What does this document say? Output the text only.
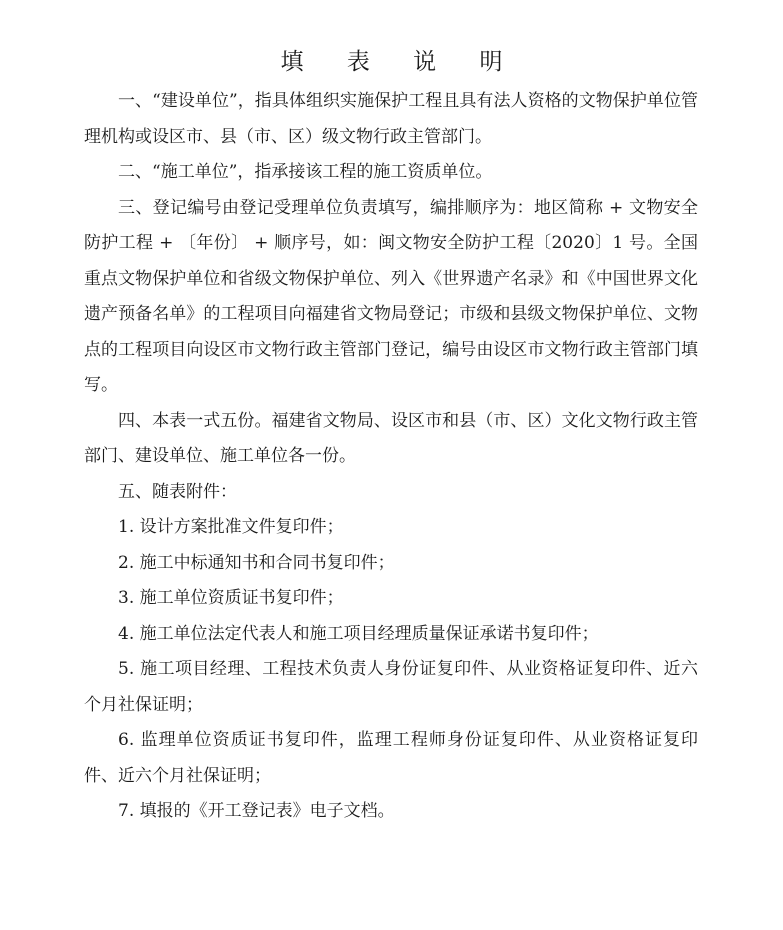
填 表 说 明

一、“建设单位”，指具体组织实施保护工程且具有法人资格的文物保护单位管理机构或设区市、县（市、区）级文物行政主管部门。

二、“施工单位”，指承接该工程的施工资质单位。

三、登记编号由登记受理单位负责填写，编排顺序为：地区简称 + 文物安全防护工程 + 〔年份〕 + 顺序号，如：闽文物安全防护工程〔2020〕1 号。全国重点文物保护单位和省级文物保护单位、列入《世界遗产名录》和《中国世界文化遗产预备名单》的工程项目向福建省文物局登记；市级和县级文物保护单位、文物点的工程项目向设区市文物行政主管部门登记，编号由设区市文物行政主管部门填写。

四、本表一式五份。福建省文物局、设区市和县（市、区）文化文物行政主管部门、建设单位、施工单位各一份。

五、随表附件：

1. 设计方案批准文件复印件；

2. 施工中标通知书和合同书复印件；

3. 施工单位资质证书复印件；

4. 施工单位法定代表人和施工项目经理质量保证承诺书复印件；

5. 施工项目经理、工程技术负责人身份证复印件、从业资格证复印件、近六个月社保证明；

6. 监理单位资质证书复印件，监理工程师身份证复印件、从业资格证复印件、近六个月社保证明；

7. 填报的《开工登记表》电子文档。
